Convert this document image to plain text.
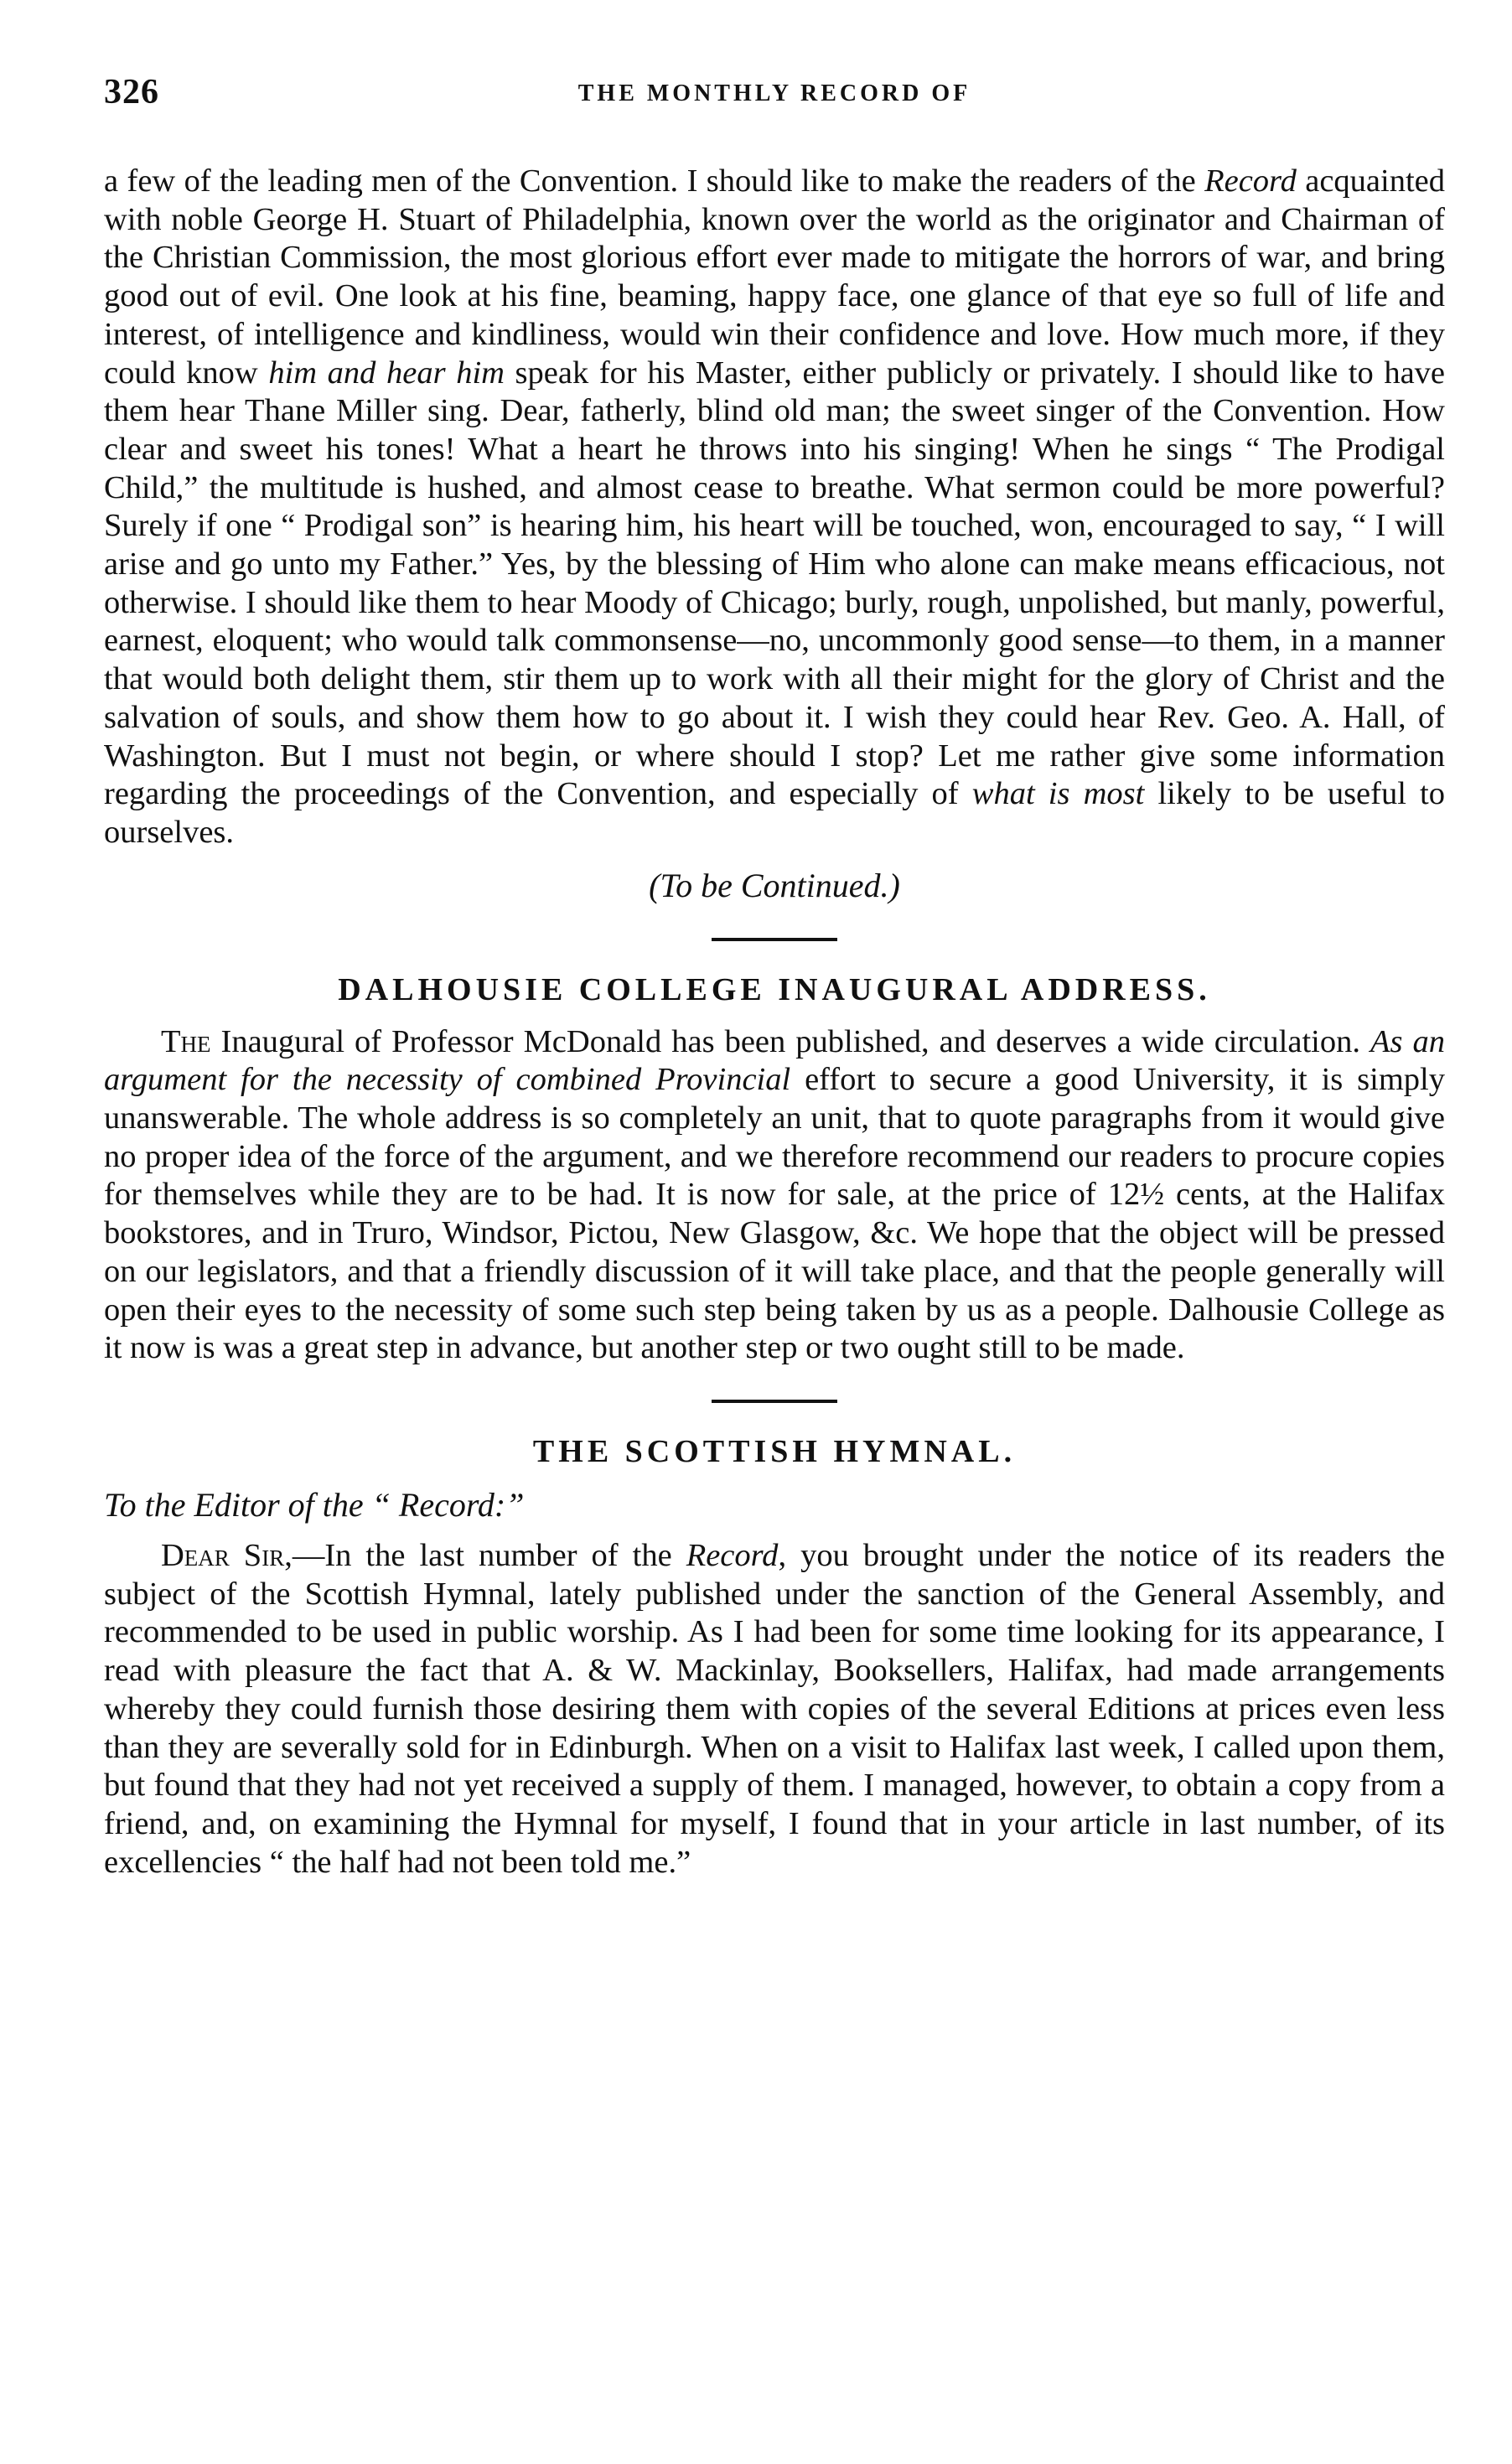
326	THE MONTHLY RECORD OF

a few of the leading men of the Convention. I should like to make the readers of the Record acquainted with noble George H. Stuart of Philadelphia, known over the world as the originator and Chairman of the Christian Commission, the most glorious effort ever made to mitigate the horrors of war, and bring good out of evil. One look at his fine, beaming, happy face, one glance of that eye so full of life and interest, of intelligence and kindliness, would win their confidence and love. How much more, if they could know him and hear him speak for his Master, either publicly or privately. I should like to have them hear Thane Miller sing. Dear, fatherly, blind old man; the sweet singer of the Convention. How clear and sweet his tones! What a heart he throws into his singing! When he sings “ The Prodigal Child,” the multitude is hushed, and almost cease to breathe. What sermon could be more powerful? Surely if one “ Prodigal son” is hearing him, his heart will be touched, won, encouraged to say, “ I will arise and go unto my Father.” Yes, by the blessing of Him who alone can make means efficacious, not otherwise. I should like them to hear Moody of Chicago; burly, rough, unpolished, but manly, powerful, earnest, eloquent; who would talk commonsense—no, uncommonly good sense—to them, in a manner that would both delight them, stir them up to work with all their might for the glory of Christ and the salvation of souls, and show them how to go about it. I wish they could hear Rev. Geo. A. Hall, of Washington. But I must not begin, or where should I stop? Let me rather give some information regarding the proceedings of the Convention, and especially of what is most likely to be useful to ourselves.

(To be Continued.)
DALHOUSIE COLLEGE INAUGURAL ADDRESS.

The Inaugural of Professor McDonald has been published, and deserves a wide circulation. As an argument for the necessity of combined Provincial effort to secure a good University, it is simply unanswerable. The whole address is so completely an unit, that to quote paragraphs from it would give no proper idea of the force of the argument, and we therefore recommend our readers to procure copies for themselves while they are to be had. It is now for sale, at the price of 12½ cents, at the Halifax bookstores, and in Truro, Windsor, Pictou, New Glasgow, &c. We hope that the object will be pressed on our legislators, and that a friendly discussion of it will take place, and that the people generally will open their eyes to the necessity of some such step being taken by us as a people. Dalhousie College as it now is was a great step in advance, but another step or two ought still to be made.

THE SCOTTISH HYMNAL.
To the Editor of the “ Record:”

Dear Sir,—In the last number of the Record, you brought under the notice of its readers the subject of the Scottish Hymnal, lately published under the sanction of the General Assembly, and recommended to be used in public worship. As I had been for some time looking for its appearance, I read with pleasure the fact that A. & W. Mackinlay, Booksellers, Halifax, had made arrangements whereby they could furnish those desiring them with copies of the several Editions at prices even less than they are severally sold for in Edinburgh. When on a visit to Halifax last week, I called upon them, but found that they had not yet received a supply of them. I managed, however, to obtain a copy from a friend, and, on examining the Hymnal for myself, I found that in your article in last number, of its excellencies “ the half had not been told me.”
